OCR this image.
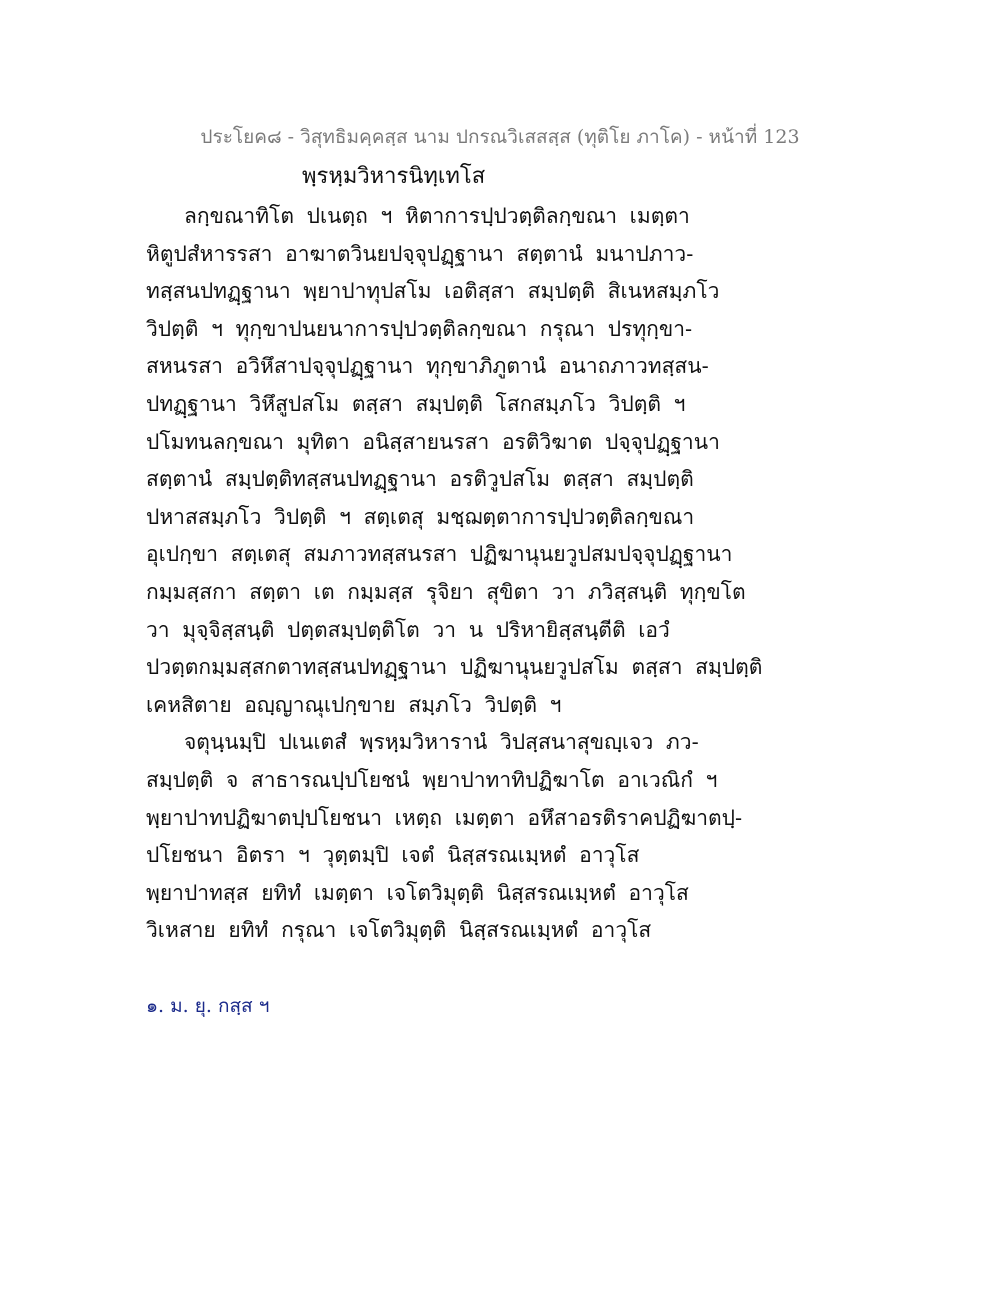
ประโยค๘ - วิสุทธิมคฺคสฺส นาม ปกรณวิเสสสฺส (ทุติโย ภาโค) - หน้าที่ 123
พฺรหฺมวิหารนิทฺเทโส
ลกฺขณาทิโต ปเนตฺถ ฯ หิตาการปฺปวตฺติลกฺขณา เมตฺตา
หิตูปสํหารรสา อาฆาตวินยปจฺจุปฏฺฐานา สตฺตานํ มนาปภาว-
ทสฺสนปทฏฺฐานา พฺยาปาทุปสโม เอติสฺสา สมฺปตฺติ สิเนหสมฺภโว
วิปตฺติ ฯ ทุกฺขาปนยนาการปฺปวตฺติลกฺขณา กรุณา ปรทุกฺขา-
สหนรสา อวิหึสาปจฺจุปฏฺฐานา ทุกฺขาภิภูตานํ อนาถภาวทสฺสน-
ปทฏฺฐานา วิหึสูปสโม ตสฺสา สมฺปตฺติ โสกสมฺภโว วิปตฺติ ฯ
ปโมทนลกฺขณา มุทิตา อนิสฺสายนรสา อรติวิฆาต ปจฺจุปฏฺฐานา
สตฺตานํ สมฺปตฺติทสฺสนปทฏฺฐานา อรติวูปสโม ตสฺสา สมฺปตฺติ
ปหาสสมฺภโว วิปตฺติ ฯ สตฺเตสุ มชฺฌตฺตาการปฺปวตฺติลกฺขณา
อุเปกฺขา สตฺเตสุ สมภาวทสฺสนรสา ปฏิฆานุนยวูปสมปจฺจุปฏฺฐานา
กมฺมสฺสกา สตฺตา เต กมฺมสฺส รุจิยา สุขิตา วา ภวิสฺสนฺติ ทุกฺขโต
วา มุจฺจิสฺสนฺติ ปตฺตสมฺปตฺติโต วา น ปริหายิสฺสนฺตีติ เอวํ
ปวตฺตกมฺมสฺสกตาทสฺสนปทฏฺฐานา ปฏิฆานุนยวูปสโม ตสฺสา สมฺปตฺติ
เคหสิตาย อญฺญาณุเปกฺขาย สมฺภโว วิปตฺติ ฯ
จตุนฺนมฺปิ ปเนเตสํ พฺรหฺมวิหารานํ วิปสฺสนาสุขญฺเจว ภว-
สมฺปตฺติ จ สาธารณปฺปโยชนํ พฺยาปาทาทิปฏิฆาโต อาเวณิกํ ฯ
พฺยาปาทปฏิฆาตปฺปโยชนา เหตฺถ เมตฺตา อหึสาอรติราคปฏิฆาตปฺ-
ปโยชนา อิตรา ฯ วุตฺตมฺปิ เจตํ นิสฺสรณเมฺหตํ อาวุโส
พฺยาปาทสฺส ยทิทํ เมตฺตา เจโตวิมุตฺติ นิสฺสรณเมฺหตํ อาวุโส
วิเหสาย ยทิทํ กรุณา เจโตวิมุตฺติ นิสฺสรณเมฺหตํ อาวุโส
๑. ม. ยุ. กสฺส ฯ
